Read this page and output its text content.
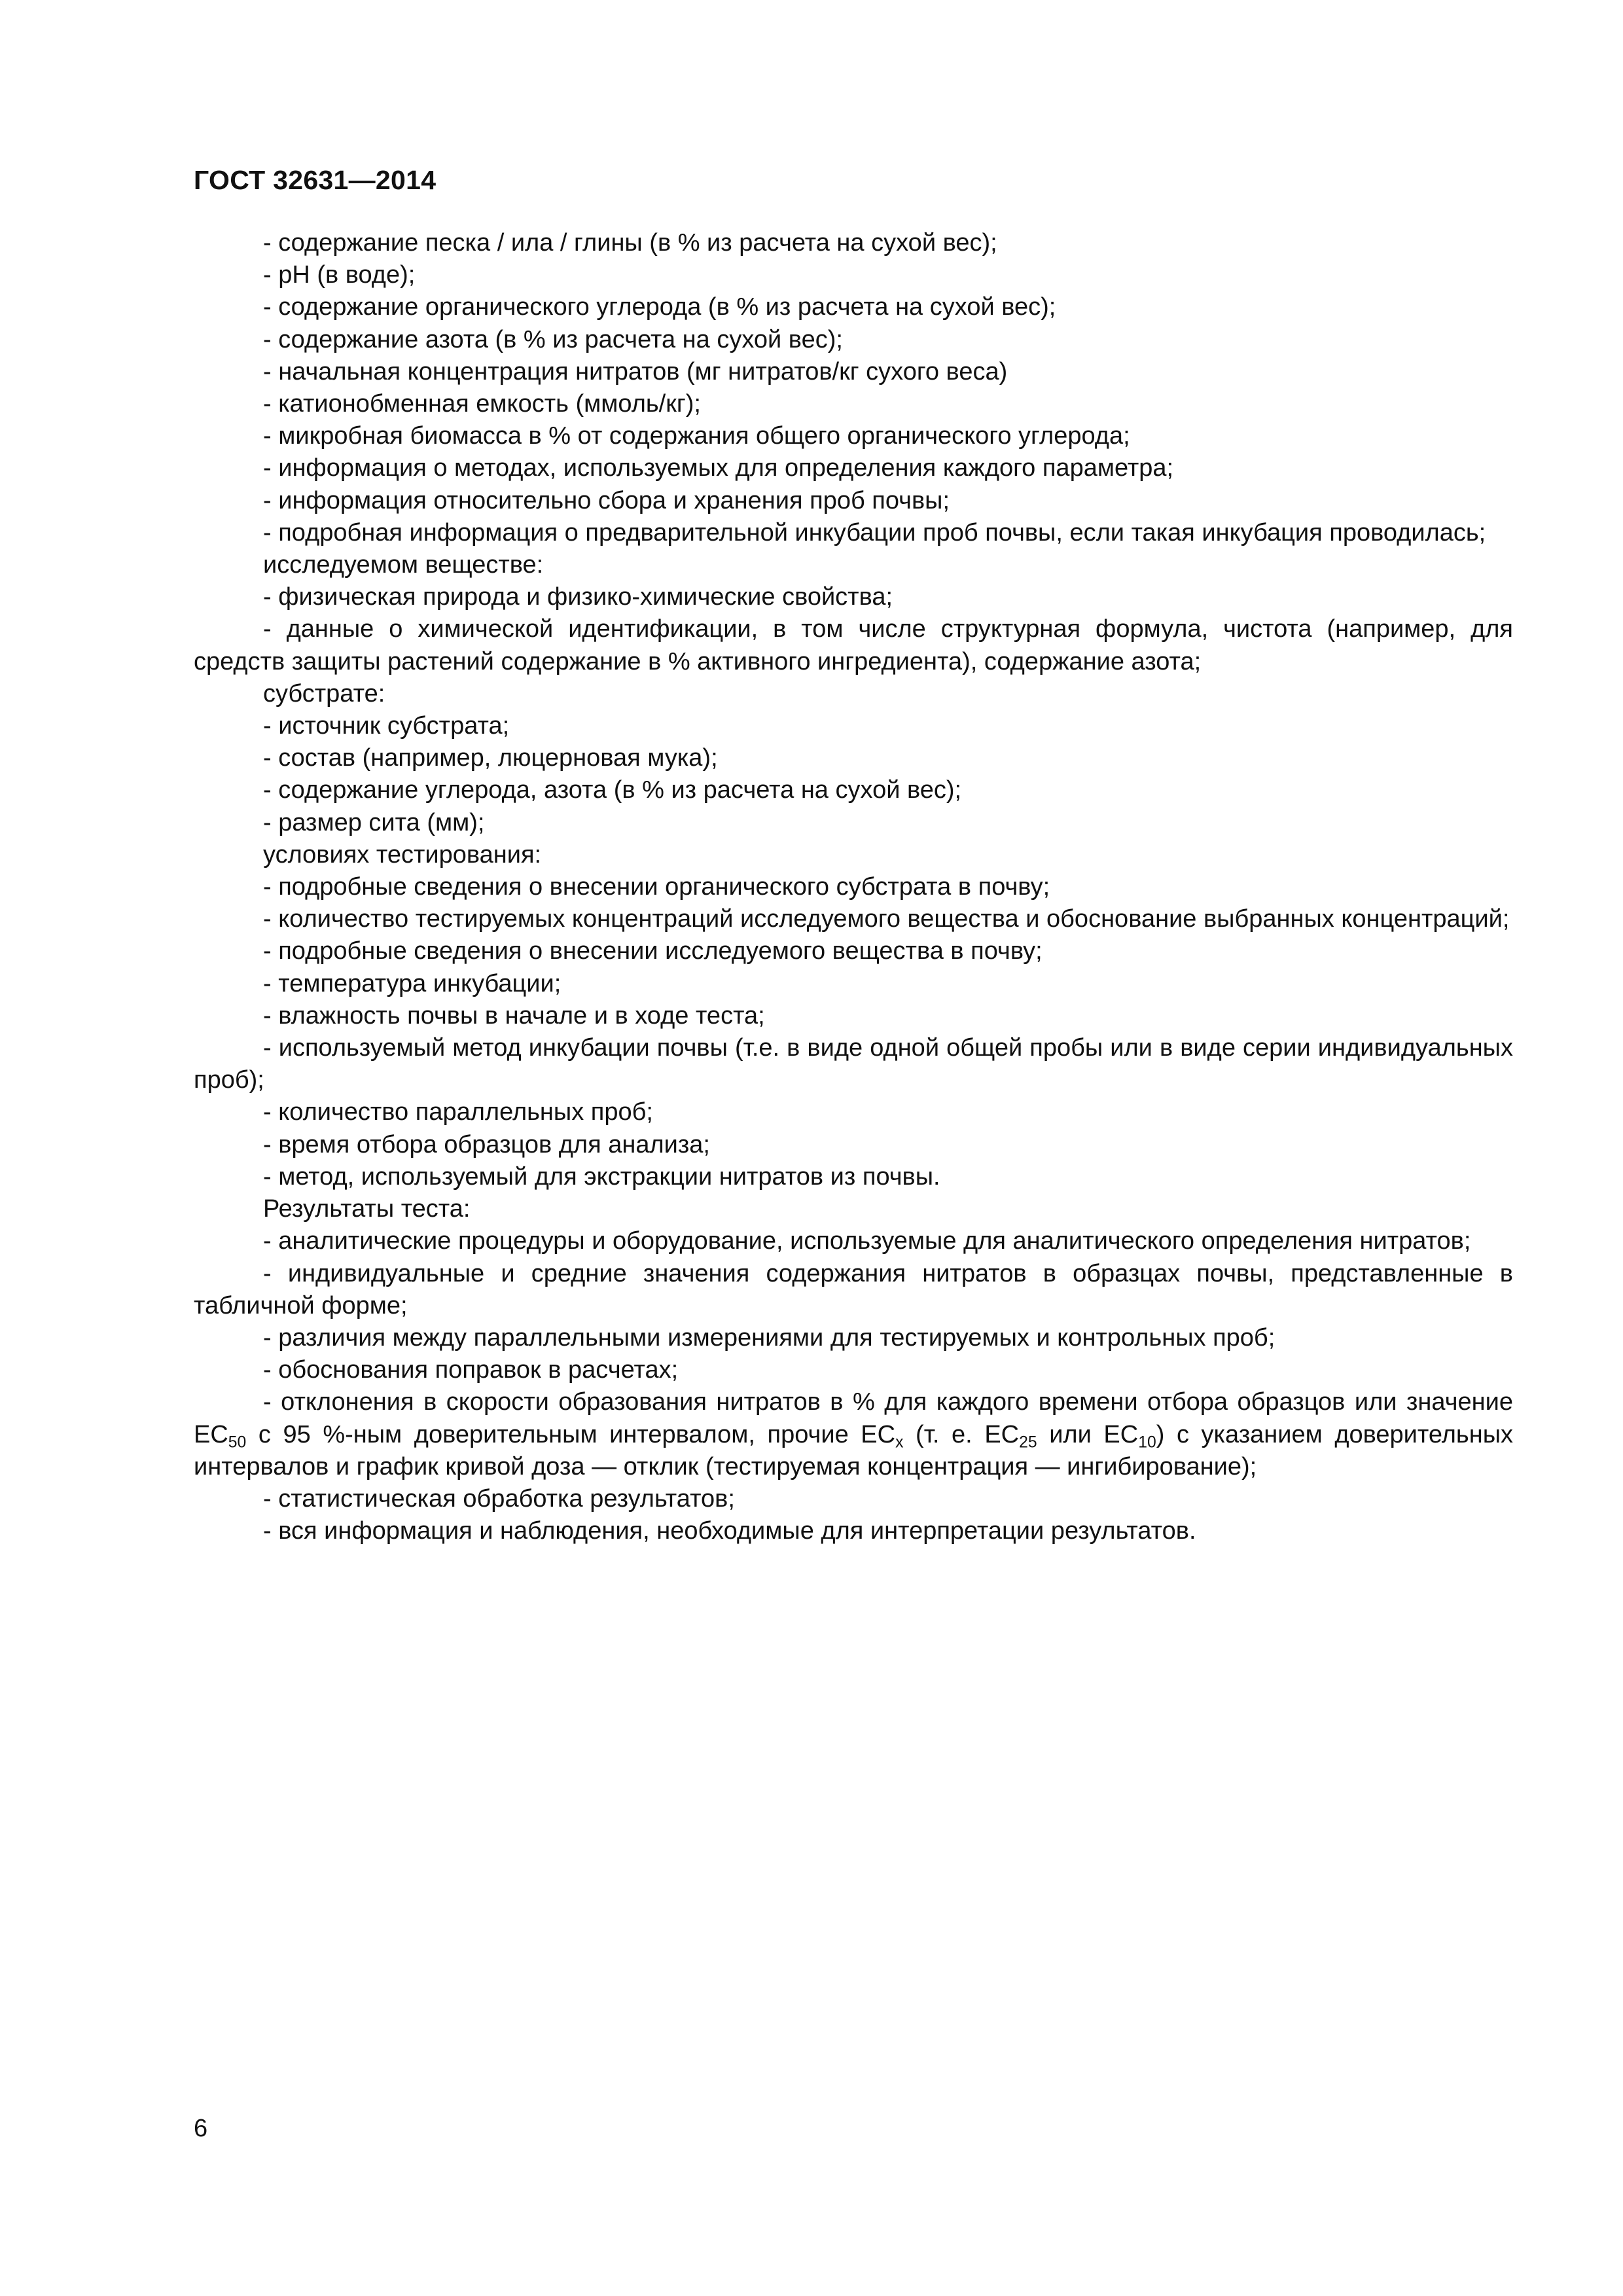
ГОСТ 32631—2014

- содержание песка / ила / глины (в % из расчета на сухой вес);

- рН (в воде);

- содержание органического углерода (в % из расчета на сухой вес);

- содержание азота (в % из расчета на сухой вес);

- начальная концентрация нитратов (мг нитратов/кг сухого веса)

- катионобменная емкость (ммоль/кг);

- микробная биомасса в % от содержания общего органического углерода;

- информация о методах, используемых для определения каждого параметра;

- информация относительно сбора и хранения проб почвы;

- подробная информация о предварительной инкубации проб почвы, если такая инкубация проводилась;

исследуемом веществе:

- физическая природа и физико-химические свойства;

- данные о химической идентификации, в том числе структурная формула, чистота (например, для средств защиты растений содержание в % активного ингредиента), содержание азота;

субстрате:

- источник субстрата;

- состав (например, люцерновая мука);

- содержание углерода, азота (в % из расчета на сухой вес);

- размер сита (мм);

условиях тестирования:

- подробные сведения о внесении органического субстрата в почву;

- количество тестируемых концентраций исследуемого вещества и обоснование выбранных концентраций;

- подробные сведения о внесении исследуемого вещества в почву;

- температура инкубации;

- влажность почвы в начале и в ходе теста;

- используемый метод инкубации почвы (т.е. в виде одной общей пробы или в виде серии индивидуальных проб);

- количество параллельных проб;

- время отбора образцов для анализа;

- метод, используемый для экстракции нитратов из почвы.

Результаты теста:

- аналитические процедуры и оборудование, используемые для аналитического определения нитратов;

- индивидуальные и средние значения содержания нитратов в образцах почвы, представленные в табличной форме;

- различия между параллельными измерениями для тестируемых и контрольных проб;

- обоснования поправок в расчетах;

- отклонения в скорости образования нитратов в % для каждого времени отбора образцов или значение $EC_{50}$ с 95 %-ным доверительным интервалом, прочие $EC_x$ (т. е. $EC_{25}$ или $EC_{10}$) с указанием доверительных интервалов и график кривой доза — отклик (тестируемая концентрация — ингибирование);

- статистическая обработка результатов;

- вся информация и наблюдения, необходимые для интерпретации результатов.

6
